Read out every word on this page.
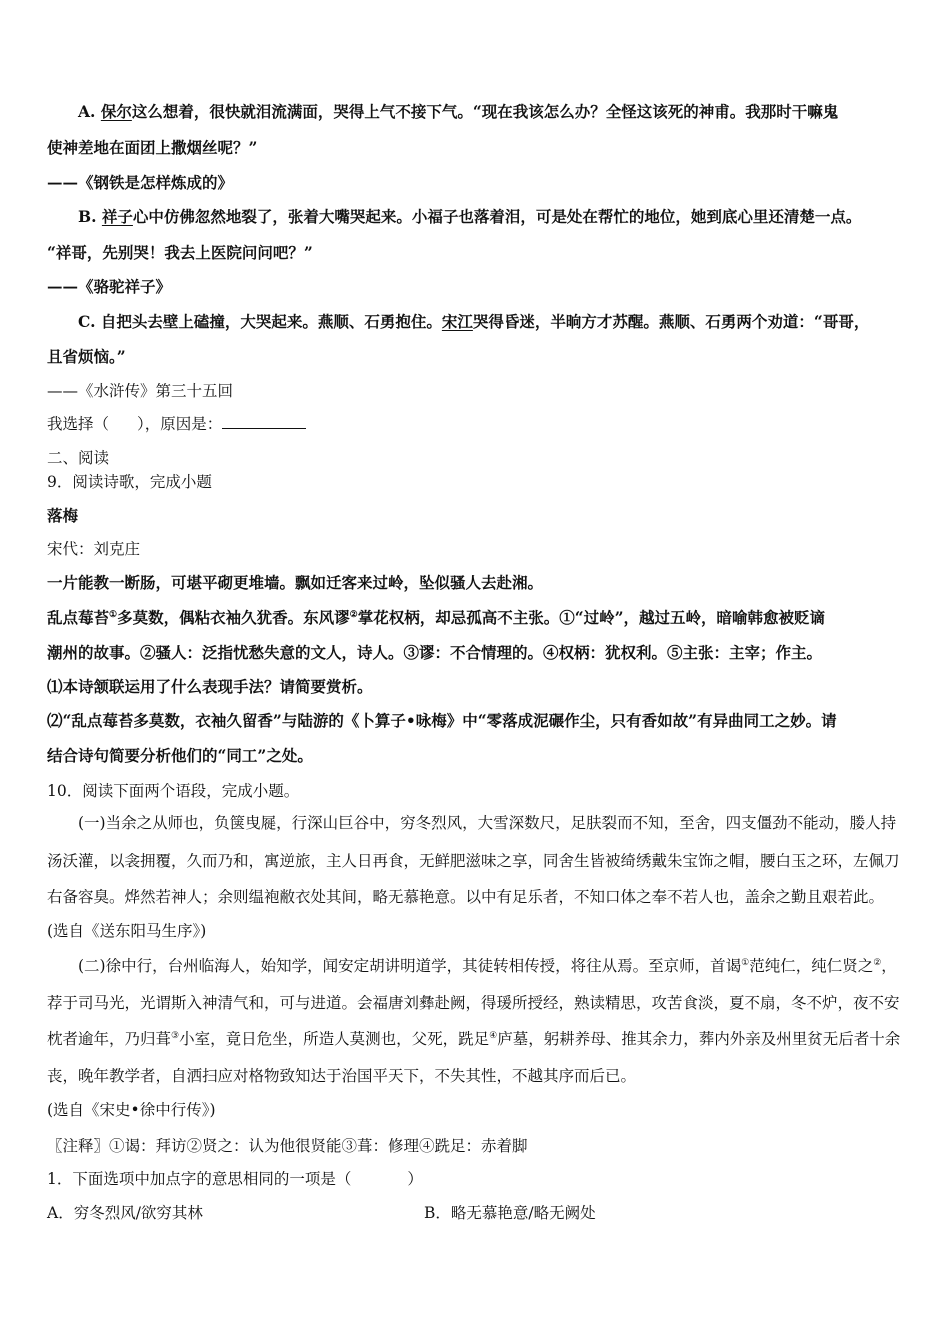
A. 保尔这么想着，很快就泪流满面，哭得上气不接下气。“现在我该怎么办？全怪这该死的神甫。我那时干嘛鬼
使神差地在面团上撒烟丝呢？”
——《钢铁是怎样炼成的》
B. 祥子心中仿佛忽然地裂了，张着大嘴哭起来。小福子也落着泪，可是处在帮忙的地位，她到底心里还清楚一点。
“祥哥，先别哭！我去上医院问问吧？”
——《骆驼祥子》
C. 自把头去壁上磕撞，大哭起来。燕顺、石勇抱住。宋江哭得昏迷，半晌方才苏醒。燕顺、石勇两个劝道：“哥哥，
且省烦恼。”
——《水浒传》第三十五回
我选择（ ），原因是：
二、阅读
9．阅读诗歌，完成小题
落梅
宋代：刘克庄
一片能教一断肠，可堪平砌更堆墙。飘如迁客来过岭，坠似骚人去赴湘。
乱点莓苔①多莫数，偶粘衣袖久犹香。东风谬②掌花权柄，却忌孤高不主张。①“过岭”，越过五岭，暗喻韩愈被贬谪
潮州的故事。②骚人：泛指忧愁失意的文人，诗人。③谬：不合情理的。④权柄：犹权利。⑤主张：主宰；作主。
⑴本诗颔联运用了什么表现手法？请简要赏析。
⑵“乱点莓苔多莫数，衣袖久留香”与陆游的《卜算子•咏梅》中“零落成泥碾作尘，只有香如故”有异曲同工之妙。请
结合诗句简要分析他们的“同工”之处。
10．阅读下面两个语段，完成小题。
(一)当余之从师也，负箧曳屣，行深山巨谷中，穷冬烈风，大雪深数尺，足肤裂而不知，至舍，四支僵劲不能动，媵人持
汤沃灌，以衾拥覆，久而乃和，寓逆旅，主人日再食，无鲜肥滋味之享，同舍生皆被绮绣戴朱宝饰之帽，腰白玉之环，左佩刀
右备容臭。烨然若神人；余则缊袍敝衣处其间，略无慕艳意。以中有足乐者，不知口体之奉不若人也，盖余之勤且艰若此。
(选自《送东阳马生序》)
(二)徐中行，台州临海人，始知学，闻安定胡讲明道学，其徒转相传授，将往从焉。至京师，首谒①范纯仁，纯仁贤之②，
荐于司马光，光谓斯入神清气和，可与进道。会福唐刘彝赴阙，得瑗所授经，熟读精思，攻苦食淡，夏不扇，冬不炉，夜不安
枕者逾年，乃归葺③小室，竟日危坐，所造人莫测也，父死，跣足④庐墓，躬耕养母、推其余力，葬内外亲及州里贫无后者十余
丧，晚年教学者，自洒扫应对格物致知达于治国平天下，不失其性，不越其序而后已。
(选自《宋史•徐中行传》)
〖注释〗①谒：拜访②贤之：认为他很贤能③葺：修理④跣足：赤着脚
1．下面选项中加点字的意思相同的一项是（	）
A．穷冬烈风/欲穷其林	B．略无慕艳意/略无阙处
